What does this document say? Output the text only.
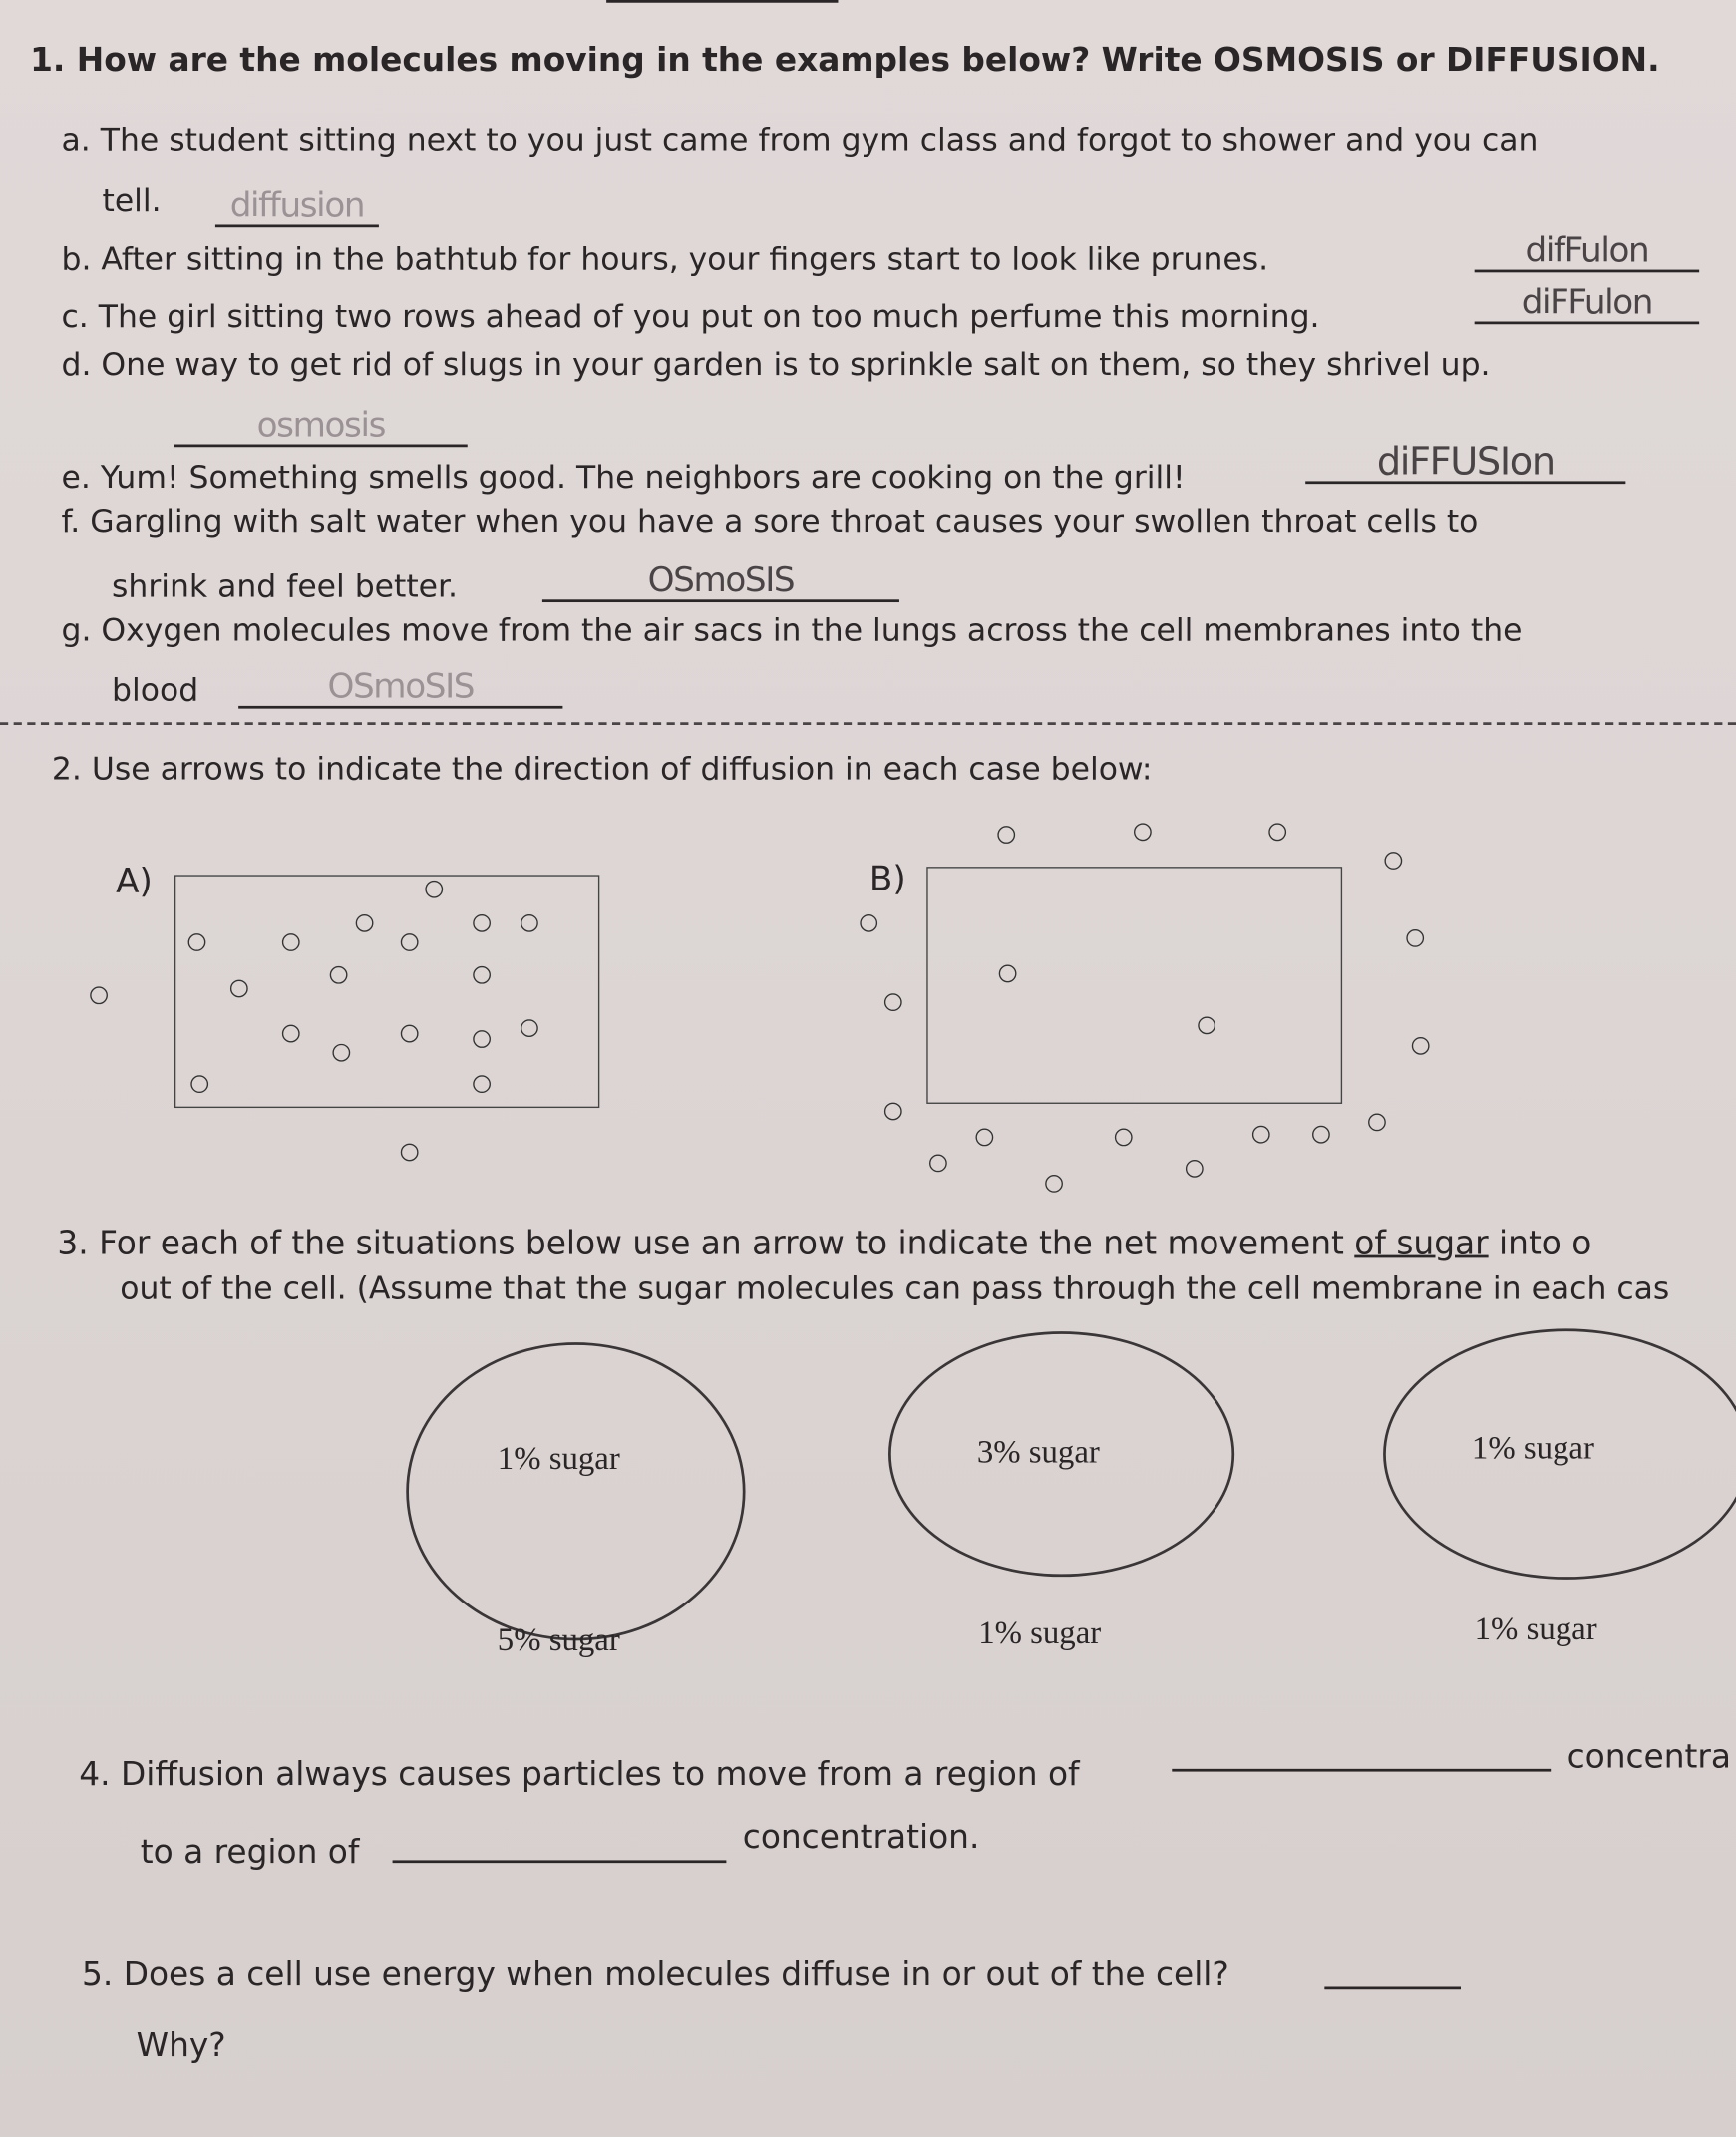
1. How are the molecules moving in the examples below? Write OSMOSIS or DIFFUSION.
a. The student sitting next to you just came from gym class and forgot to shower and you can
tell.	diffusion
b. After sitting in the bathtub for hours, your fingers start to look like prunes.	difFulon
c. The girl sitting two rows ahead of you put on too much perfume this morning.	diFFulon
d. One way to get rid of slugs in your garden is to sprinkle salt on them, so they shrivel up.
osmosis
e. Yum! Something smells good. The neighbors are cooking on the grill!	diFFUSIon
f. Gargling with salt water when you have a sore throat causes your swollen throat cells to
shrink and feel better.	OSmoSIS
g. Oxygen molecules move from the air sacs in the lungs across the cell membranes into the
blood	OSmoSIS
2. Use arrows to indicate the direction of diffusion in each case below:
A)	B)
3. For each of the situations below use an arrow to indicate the net movement of sugar into o
out of the cell. (Assume that the sugar molecules can pass through the cell membrane in each cas
1% sugar	3% sugar	1% sugar
5% sugar	1% sugar	1% sugar
4. Diffusion always causes particles to move from a region of	concentra
to a region of	concentration.
5. Does a cell use energy when molecules diffuse in or out of the cell?
Why?
